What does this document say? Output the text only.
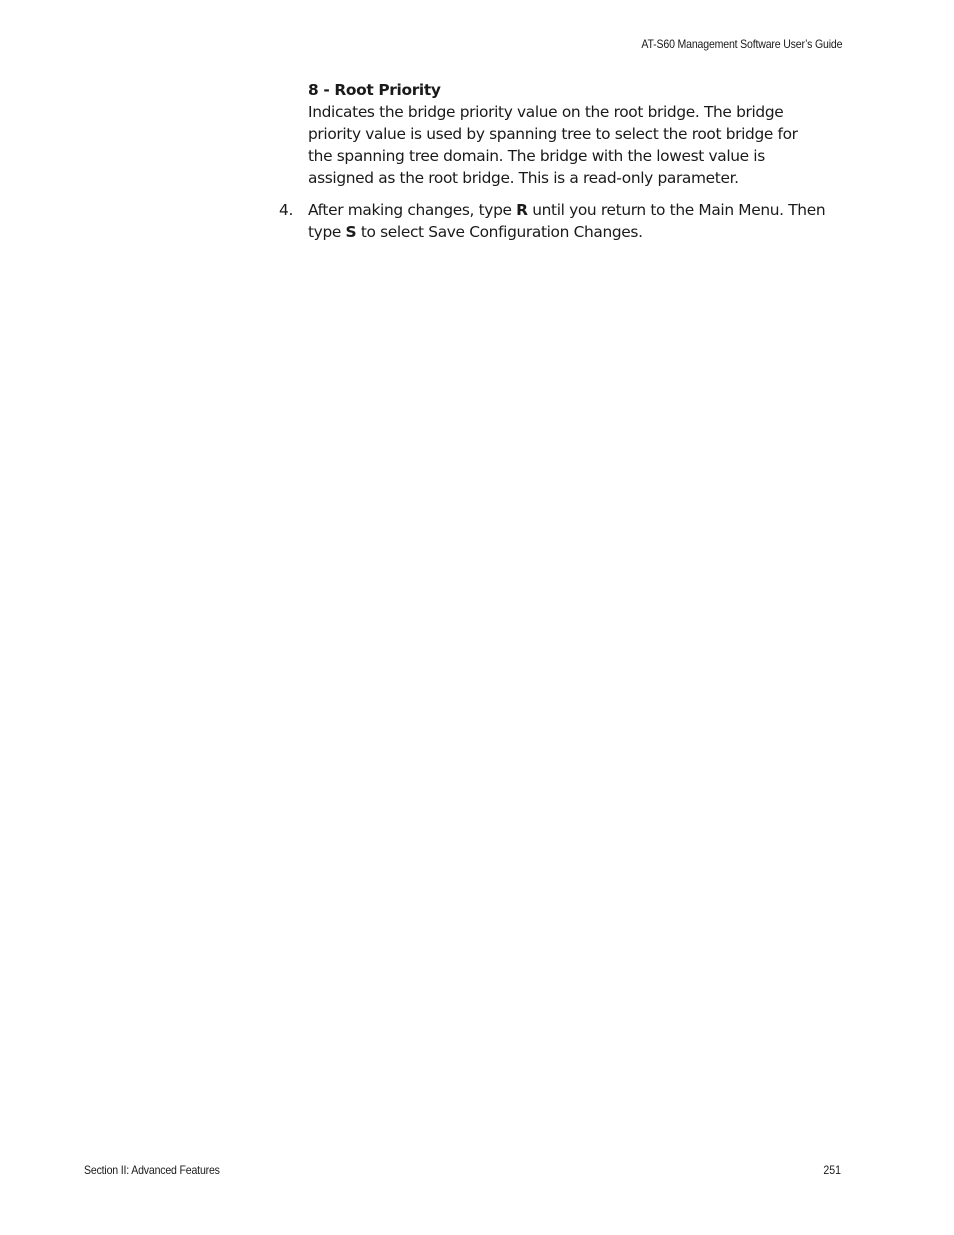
AT-S60 Management Software User’s Guide

8 - Root Priority

Indicates the bridge priority value on the root bridge. The bridge priority value is used by spanning tree to select the root bridge for the spanning tree domain. The bridge with the lowest value is assigned as the root bridge. This is a read-only parameter.

4. After making changes, type R until you return to the Main Menu. Then type S to select Save Configuration Changes.

Section II: Advanced Features	251
